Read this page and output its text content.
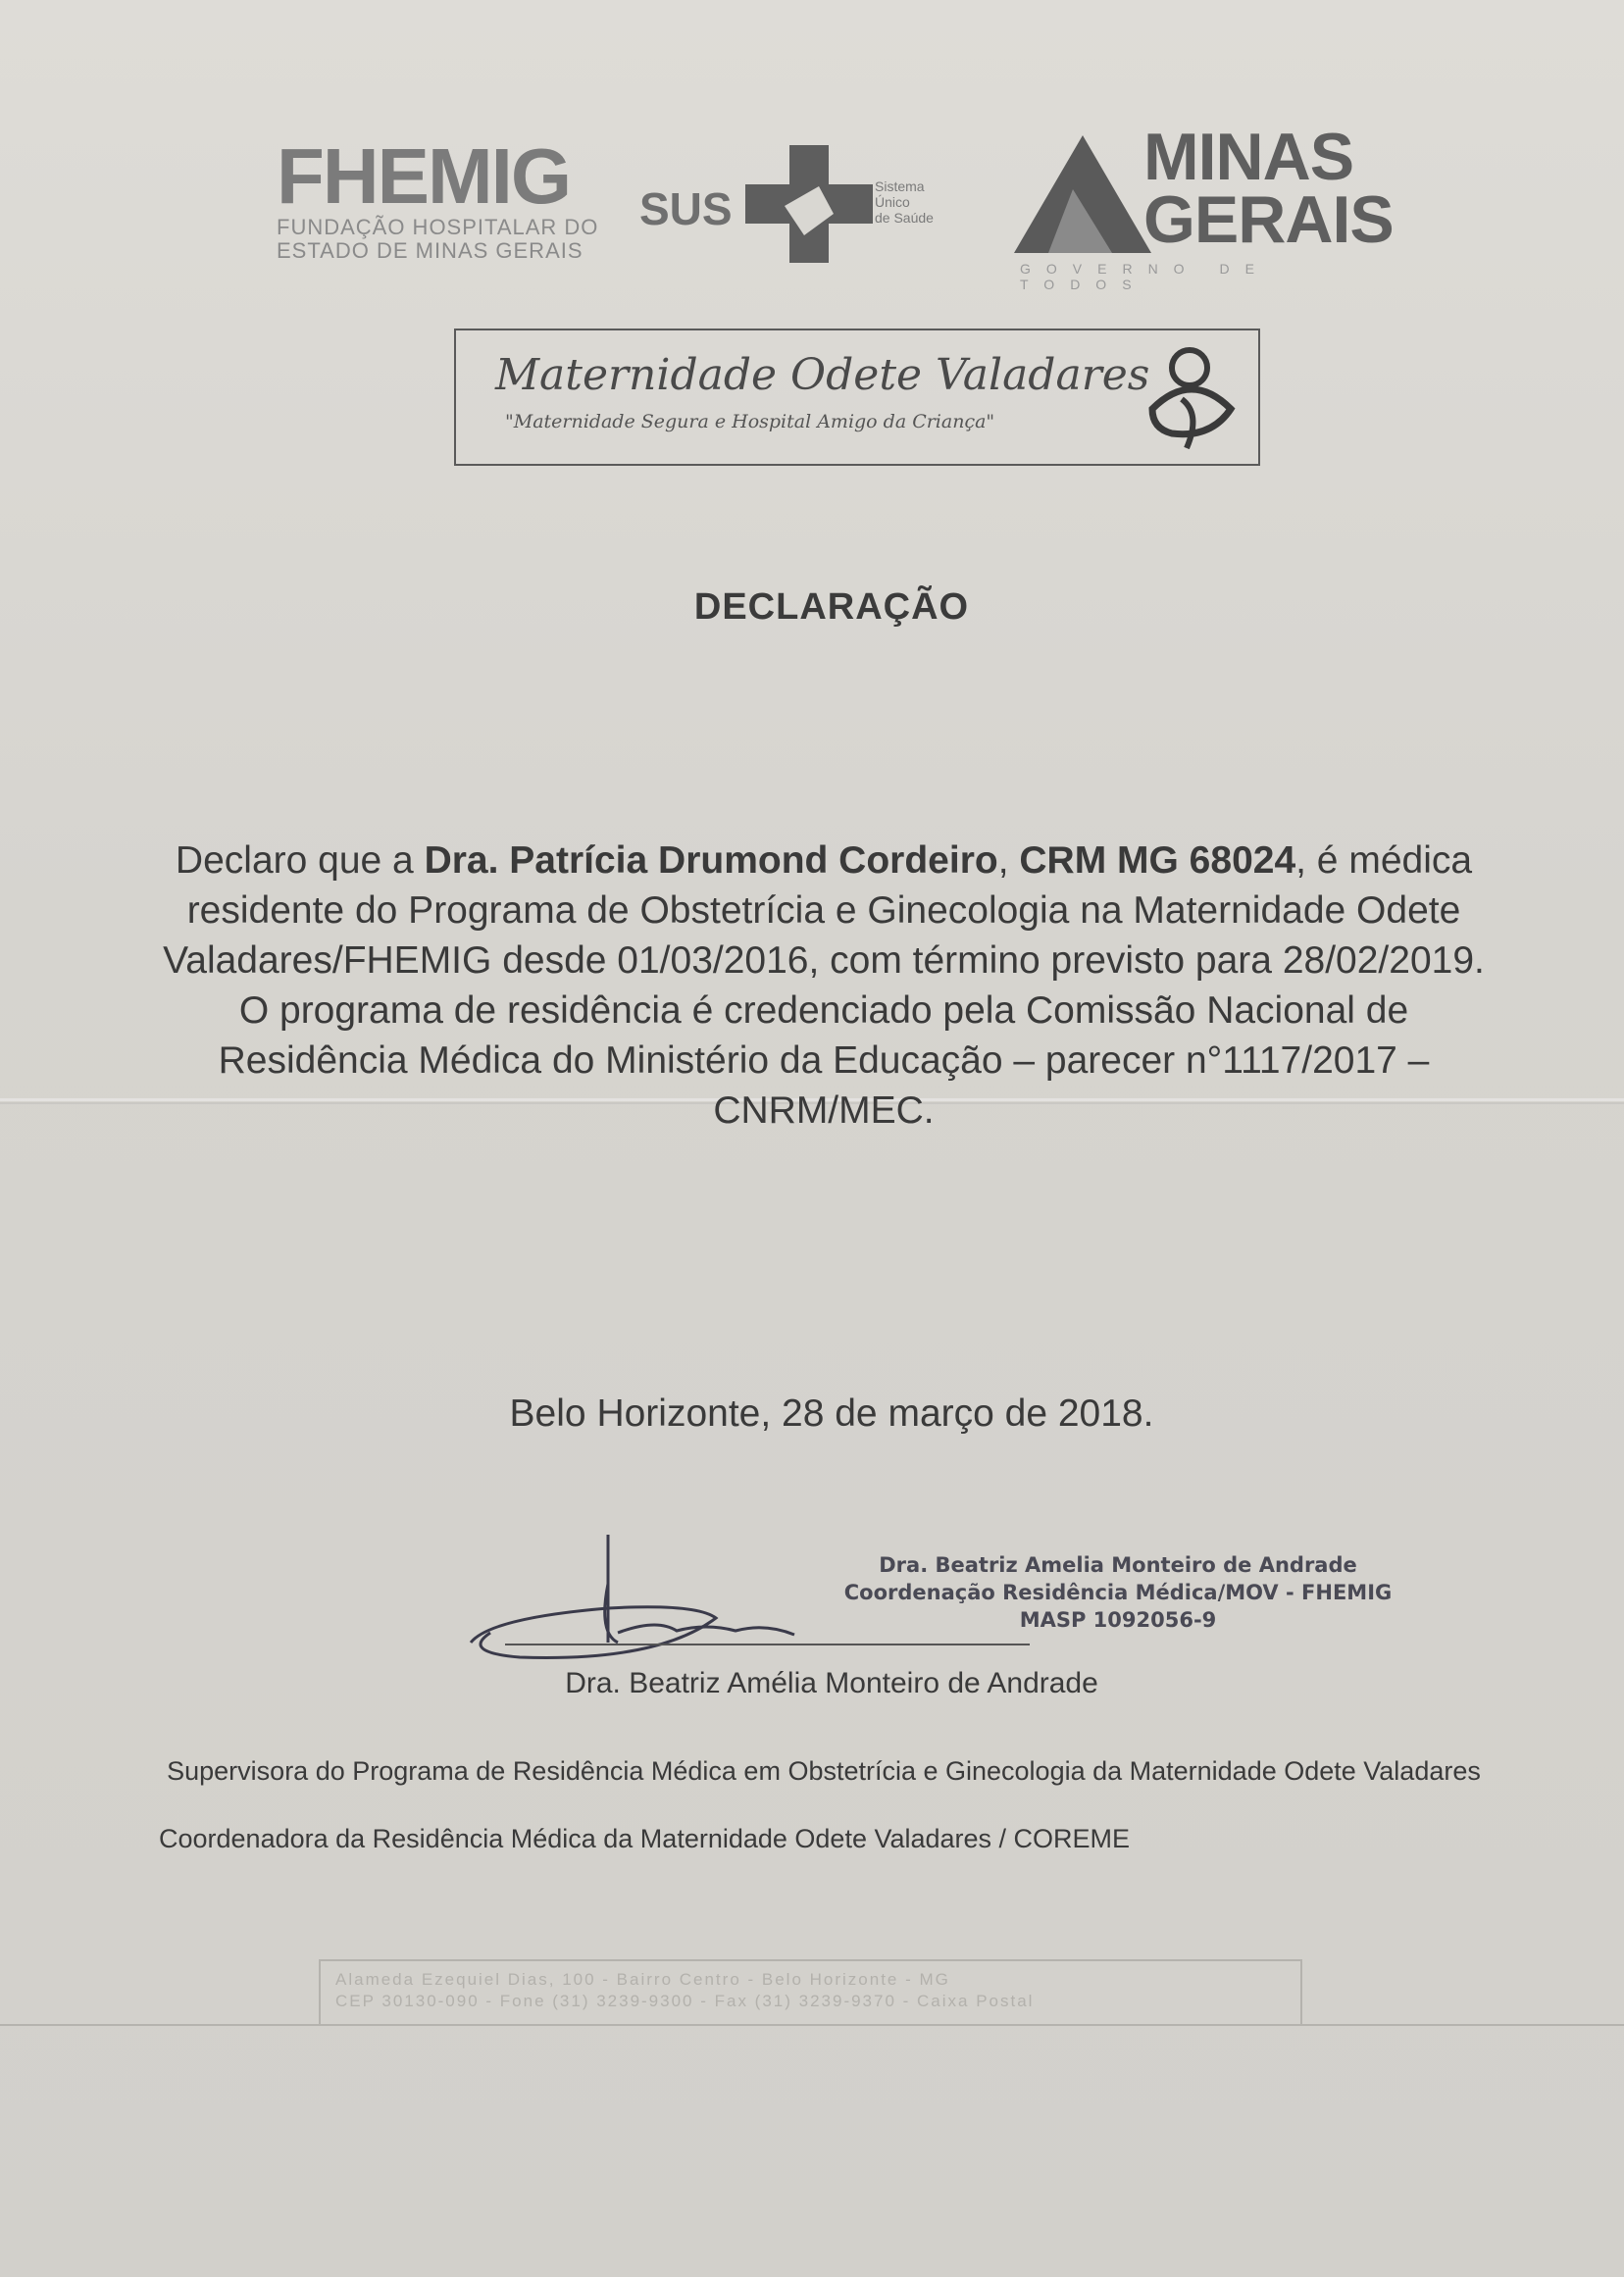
FHEMIG
FUNDAÇÃO HOSPITALAR DO
ESTADO DE MINAS GERAIS
SUS	Sistema
Único
de Saúde
MINAS
GERAIS
GOVERNO DE TODOS
Maternidade Odete Valadares
"Maternidade Segura e Hospital Amigo da Criança"
DECLARAÇÃO

Declaro que a Dra. Patrícia Drumond Cordeiro, CRM MG 68024, é médica residente do Programa de Obstetrícia e Ginecologia na Maternidade Odete Valadares/FHEMIG desde 01/03/2016, com término previsto para 28/02/2019.

O programa de residência é credenciado pela Comissão Nacional de Residência Médica do Ministério da Educação – parecer n°1117/2017 – CNRM/MEC.

Belo Horizonte, 28 de março de 2018.
Dra. Beatriz Amelia Monteiro de Andrade
Coordenação Residência Médica/MOV - FHEMIG
MASP 1092056-9
Dra. Beatriz Amélia Monteiro de Andrade
Supervisora do Programa de Residência Médica em Obstetrícia e Ginecologia da Maternidade Odete Valadares
Coordenadora da Residência Médica da Maternidade Odete Valadares / COREME
Alameda Ezequiel Dias, 100 - Bairro Centro - Belo Horizonte - MG
CEP 30130-090 - Fone (31) 3239-9300 - Fax (31) 3239-9370 - Caixa Postal
